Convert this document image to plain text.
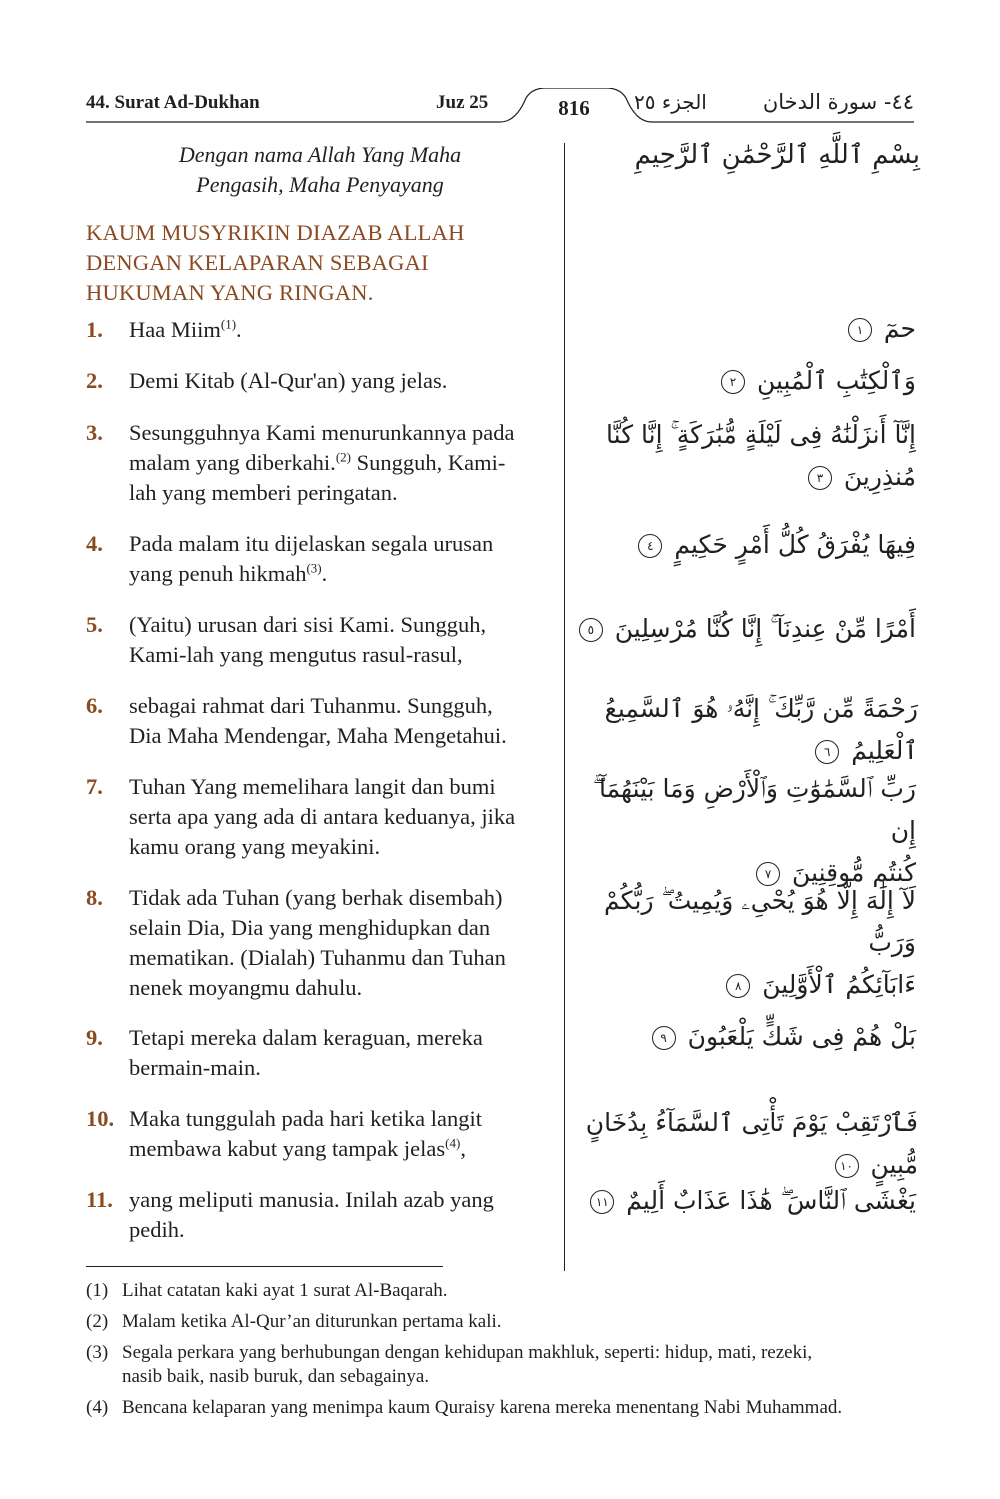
44. Surat Ad-Dukhan	Juz 25	816	الجزء ٢٥	٤٤- سورة الدخان
Dengan nama Allah Yang Maha
Pengasih, Maha Penyayang
بِسْمِ ٱللَّهِ ٱلرَّحْمَٰنِ ٱلرَّحِيمِ
KAUM MUSYRIKIN DIAZAB ALLAH
DENGAN KELAPARAN SEBAGAI
HUKUMAN YANG RINGAN.
1. Haa Miim$^{(1)}$.	حمٓ ١
2. Demi Kitab (Al-Qur'an) yang jelas.	وَٱلْكِتَٰبِ ٱلْمُبِينِ ٢
3. Sesungguhnya Kami menurunkannya pada
malam yang diberkahi.$^{(2)}$ Sungguh, Kami-
lah yang memberi peringatan.
إِنَّآ أَنزَلْنَٰهُ فِى لَيْلَةٍ مُّبَٰرَكَةٍ ۚ إِنَّا كُنَّا
مُنذِرِينَ ٣
4. Pada malam itu dijelaskan segala urusan
yang penuh hikmah$^{(3)}$.
فِيهَا يُفْرَقُ كُلُّ أَمْرٍ حَكِيمٍ ٤
5. (Yaitu) urusan dari sisi Kami. Sungguh,
Kami-lah yang mengutus rasul-rasul,
أَمْرًا مِّنْ عِندِنَآ ۚ إِنَّا كُنَّا مُرْسِلِينَ ٥
6. sebagai rahmat dari Tuhanmu. Sungguh,
Dia Maha Mendengar, Maha Mengetahui.
رَحْمَةً مِّن رَّبِّكَ ۚ إِنَّهُۥ هُوَ ٱلسَّمِيعُ ٱلْعَلِيمُ ٦
7. Tuhan Yang memelihara langit dan bumi
serta apa yang ada di antara keduanya, jika
kamu orang yang meyakini.
رَبِّ ٱلسَّمَٰوَٰتِ وَٱلْأَرْضِ وَمَا بَيْنَهُمَآ ۖ إِن
كُنتُم مُّوقِنِينَ ٧
8. Tidak ada Tuhan (yang berhak disembah)
selain Dia, Dia yang menghidupkan dan
mematikan. (Dialah) Tuhanmu dan Tuhan
nenek moyangmu dahulu.
لَآ إِلَٰهَ إِلَّا هُوَ يُحْىِۦ وَيُمِيتُ ۖ رَبُّكُمْ وَرَبُّ
ءَابَآئِكُمُ ٱلْأَوَّلِينَ ٨
9. Tetapi mereka dalam keraguan, mereka
bermain-main.
بَلْ هُمْ فِى شَكٍّ يَلْعَبُونَ ٩
10. Maka tunggulah pada hari ketika langit
membawa kabut yang tampak jelas$^{(4)}$,
فَٱرْتَقِبْ يَوْمَ تَأْتِى ٱلسَّمَآءُ بِدُخَانٍ مُّبِينٍ ١٠
11. yang meliputi manusia. Inilah azab yang
pedih.
يَغْشَى ٱلنَّاسَ ۖ هَٰذَا عَذَابٌ أَلِيمٌ ١١
(1) Lihat catatan kaki ayat 1 surat Al-Baqarah.
(2) Malam ketika Al-Qur’an diturunkan pertama kali.
(3) Segala perkara yang berhubungan dengan kehidupan makhluk, seperti: hidup, mati, rezeki,
nasib baik, nasib buruk, dan sebagainya.
(4) Bencana kelaparan yang menimpa kaum Quraisy karena mereka menentang Nabi Muhammad.
